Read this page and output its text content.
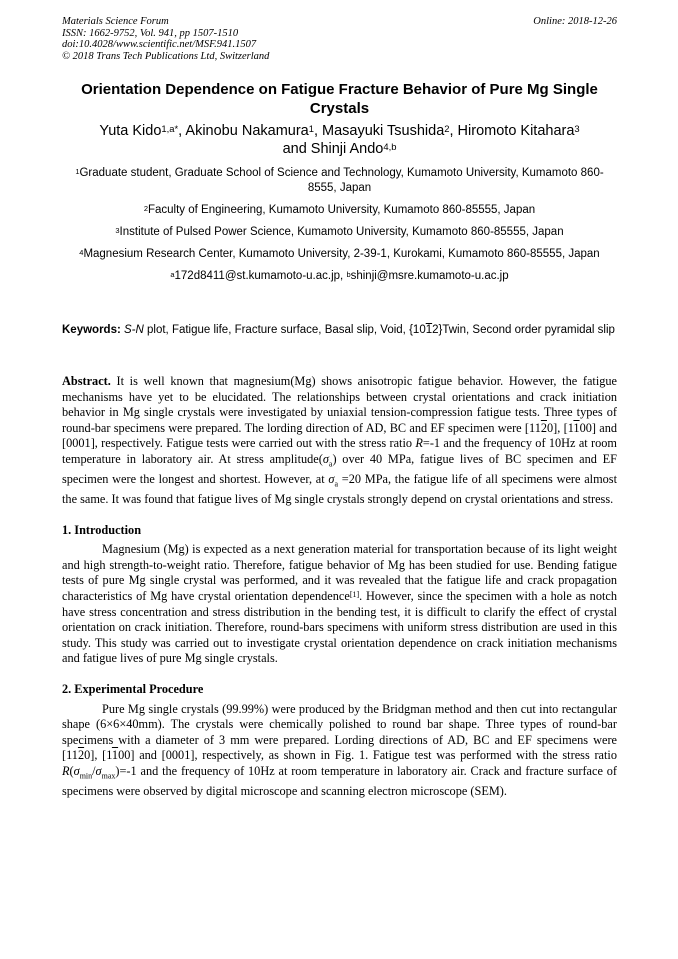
Materials Science Forum
ISSN: 1662-9752, Vol. 941, pp 1507-1510
doi:10.4028/www.scientific.net/MSF.941.1507
© 2018 Trans Tech Publications Ltd, Switzerland
Online: 2018-12-26
Orientation Dependence on Fatigue Fracture Behavior of Pure Mg Single Crystals
Yuta Kido$^{1,a*}$, Akinobu Nakamura$^1$, Masayuki Tsushida$^2$, Hiromoto Kitahara$^3$
and Shinji Ando$^{4,b}$

$^1$Graduate student, Graduate School of Science and Technology, Kumamoto University, Kumamoto 860-8555, Japan

$^2$Faculty of Engineering, Kumamoto University, Kumamoto 860-85555, Japan

$^3$Institute of Pulsed Power Science, Kumamoto University, Kumamoto 860-85555, Japan

$^4$Magnesium Research Center, Kumamoto University, 2-39-1, Kurokami, Kumamoto 860-85555, Japan

$^a$172d8411@st.kumamoto-u.ac.jp, $^b$shinji@msre.kumamoto-u.ac.jp

Keywords: S-N plot, Fatigue life, Fracture surface, Basal slip, Void, {1012}Twin, Second order pyramidal slip

Abstract. It is well known that magnesium(Mg) shows anisotropic fatigue behavior. However, the fatigue mechanisms have yet to be elucidated. The relationships between crystal orientations and crack initiation behavior in Mg single crystals were investigated by uniaxial tension-compression fatigue tests. Three types of round-bar specimens were prepared. The lording direction of AD, BC and EF specimen were [1120], [1100] and [0001], respectively. Fatigue tests were carried out with the stress ratio R=-1 and the frequency of 10Hz at room temperature in laboratory air. At stress $amplitude(\sigma_a)$ over 40 MPa, fatigue lives of BC specimen and EF specimen were the longest and shortest. However, at $\sigma_a =20$ MPa, the fatigue life of all specimens were almost the same. It was found that fatigue lives of Mg single crystals strongly depend on crystal orientations and stress.

1. Introduction

Magnesium (Mg) is expected as a next generation material for transportation because of its light weight and high strength-to-weight ratio. Therefore, fatigue behavior of Mg has been studied for use. Bending fatigue tests of pure Mg single crystal was performed, and it was revealed that the fatigue life and crack propagation characteristics of Mg have crystal orientation dependence[1]. However, since the specimen with a hole as notch have stress concentration and stress distribution in the bending test, it is difficult to clarify the effect of crystal orientation on crack initiation. Therefore, round-bars specimens with uniform stress distribution are used in this study. This study was carried out to investigate crystal orientation dependence on crack initiation mechanisms and fatigue lives of pure Mg single crystals.

2. Experimental Procedure

Pure Mg single crystals (99.99%) were produced by the Bridgman method and then cut into rectangular shape (6×6×40mm). The crystals were chemically polished to round bar shape. Three types of round-bar specimens with a diameter of 3 mm were prepared. Lording directions of AD, BC and EF specimens were [1120], [1100] and [0001], respectively, as shown in Fig. 1. Fatigue test was performed with the stress ratio $R(\sigma_{min}/\sigma_{max})=-1$ and the frequency of 10Hz at room temperature in laboratory air. Crack and fracture surface of specimens were observed by digital microscope and scanning electron microscope (SEM).
